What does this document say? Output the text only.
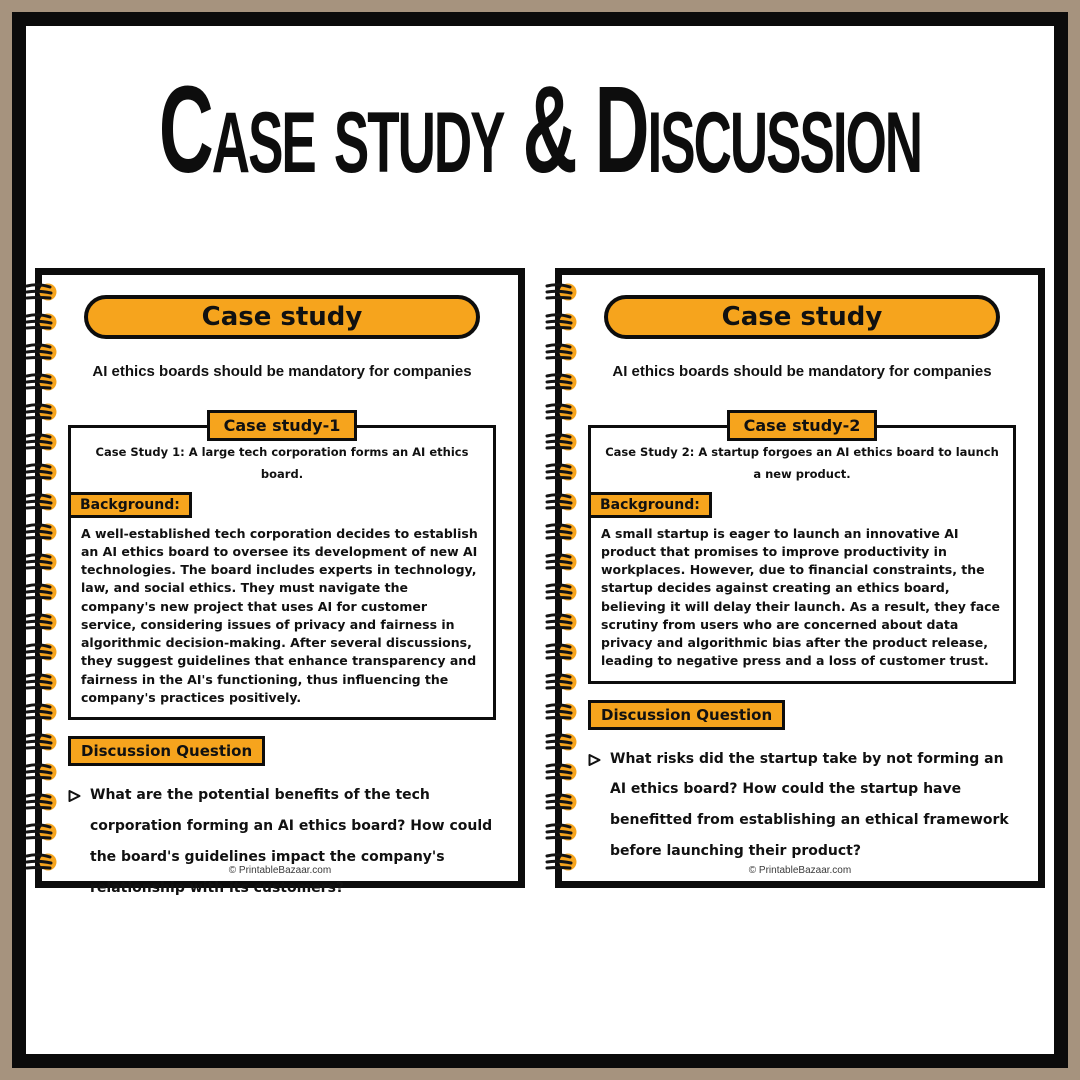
Case study & Discussion
Case study
AI ethics boards should be mandatory for companies
Case study-1
Case Study 1: A large tech corporation forms an AI ethics board.
Background:

A well-established tech corporation decides to establish an AI ethics board to oversee its development of new AI technologies. The board includes experts in technology, law, and social ethics. They must navigate the company's new project that uses AI for customer service, considering issues of privacy and fairness in algorithmic decision-making. After several discussions, they suggest guidelines that enhance transparency and fairness in the AI's functioning, thus influencing the company's practices positively.

Discussion Question
What are the potential benefits of the tech corporation forming an AI ethics board? How could the board's guidelines impact the company's relationship with its customers?
© PrintableBazaar.com
Case study
AI ethics boards should be mandatory for companies
Case study-2
Case Study 2: A startup forgoes an AI ethics board to launch a new product.
Background:

A small startup is eager to launch an innovative AI product that promises to improve productivity in workplaces. However, due to financial constraints, the startup decides against creating an ethics board, believing it will delay their launch. As a result, they face scrutiny from users who are concerned about data privacy and algorithmic bias after the product release, leading to negative press and a loss of customer trust.

Discussion Question
What risks did the startup take by not forming an AI ethics board? How could the startup have benefitted from establishing an ethical framework before launching their product?
© PrintableBazaar.com
